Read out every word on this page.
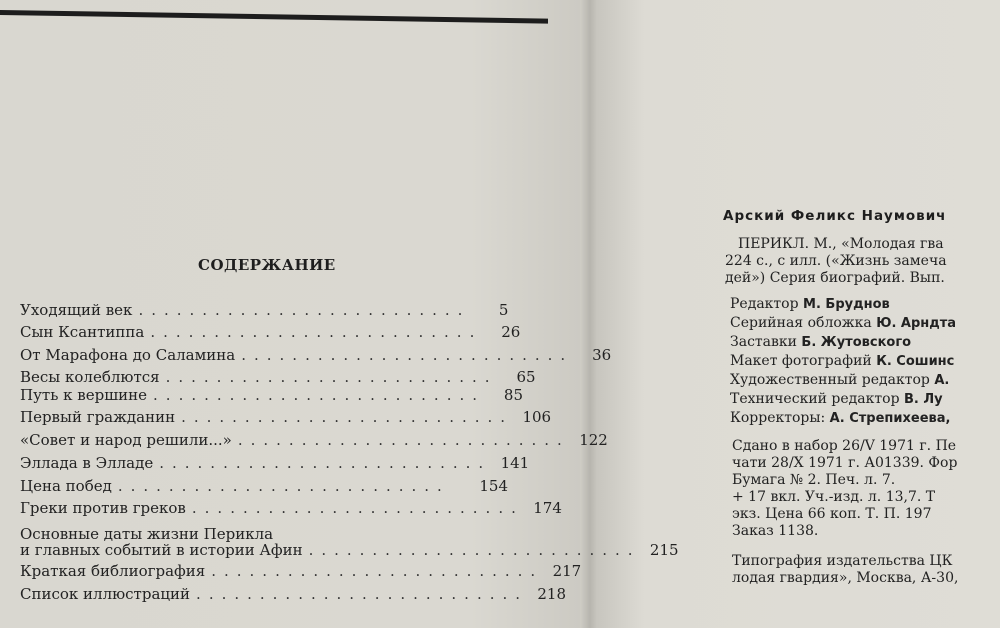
СОДЕРЖАНИЕ
Уходящий век ..........................	5
Сын Ксантиппа ..........................	26
От Марафона до Саламина ..........................	36
Весы колеблются ..........................	65
Путь к вершине ..........................	85
Первый гражданин .......................... 106
«Совет и народ решили...» .......................... 122
Эллада в Элладе .......................... 141
Цена побед ..........................	154
Греки против греков .......................... 174
Основные даты жизни Перикла
и главных событий в истории Афин .......................... 215
Краткая библиография .......................... 217
Список иллюстраций .......................... 218
Арский Феликс Наумович
ПЕРИКЛ. М., «Молодая гва
224 с., с илл. («Жизнь замеча
дей») Серия биографий. Вып.
Редактор М. Бруднов
Серийная обложка Ю. Арндта
Заставки Б. Жутовского
Макет фотографий К. Сошинс
Художественный редактор А.
Технический редактор В. Лу
Корректоры: А. Стрепихеева,
Сдано в набор 26/V 1971 г. Пе
чати 28/X 1971 г. А01339. Фор
Бумага № 2. Печ. л. 7.
+ 17 вкл. Уч.-изд. л. 13,7. Т
экз. Цена 66 коп. Т. П. 197
Заказ 1138.
Типография издательства ЦК
лодая гвардия», Москва, А-30,
